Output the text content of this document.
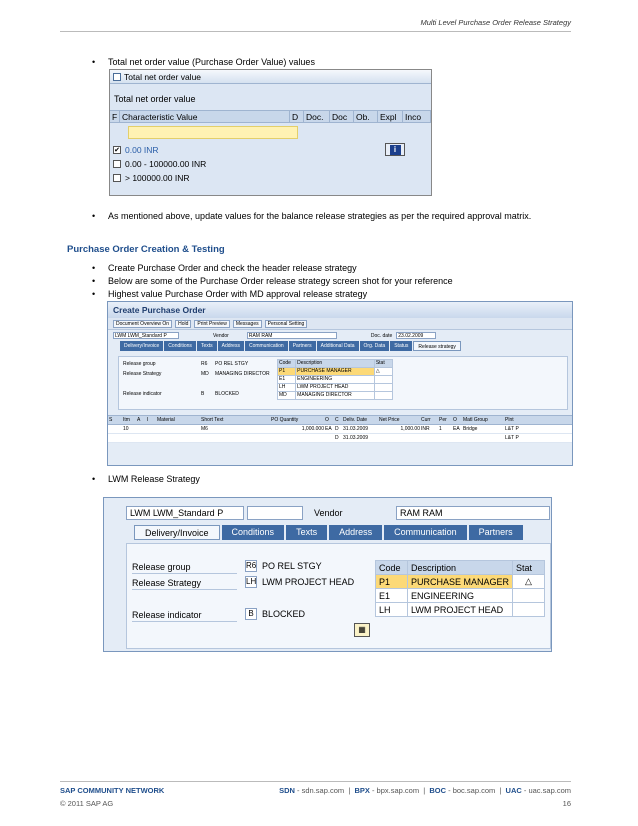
Multi Level Purchase Order Release Strategy
• Total net order value (Purchase Order Value) values
Total net order value
Total net order value
F Characteristic Value	D Doc.	Doc	Ob.	Expl Inco
✔ 0.00 INR
0.00 - 100000.00 INR
> 100000.00 INR
i
• As mentioned above, update values for the balance release strategies as per the required approval matrix.
Purchase Order Creation & Testing
• Create Purchase Order and check the header release strategy
• Below are some of the Purchase Order release strategy screen shot for your reference
• Highest value Purchase Order with MD approval release strategy
Create Purchase Order
Document Overview On	Hold	Print Preview	Messages	Personal Setting
LWM LWM_Standard P	Vendor	RAM RAM	Doc. date	23.02.2009
Delivery/Invoice	Conditions	Texts	Address	Communication	Partners	Additional Data	Org. Data	Status	Release strategy
Release group	R6 PO REL STGY
Release Strategy	MD MANAGING DIRECTOR
Release indicator	B BLOCKED
Code	Description	Stat
P1	PURCHASE MANAGER	△
E1	ENGINEERING	
LH	LWM PROJECT HEAD	
MD	MANAGING DIRECTOR	
S	Itm	A	I	Material	Short Text	PO Quantity	O	C Deliv. Date	Net Price	Curr	Per	O	Matl Group	Plnt
10	M6	1,000.000 EA D 31.03.2009	1,000.00 INR	1	EA Bridge	L&T P
D 31.03.2009	L&T P
• LWM Release Strategy
LWM LWM_Standard P	Vendor	RAM RAM
Delivery/Invoice	Conditions	Texts	Address	Communication	Partners
Release group	R6 PO REL STGY
Release Strategy	LH LWM PROJECT HEAD
Release indicator	B BLOCKED
Code	Description	Stat
P1	PURCHASE MANAGER	△
E1	ENGINEERING	
LH	LWM PROJECT HEAD	
▦
SAP COMMUNITY NETWORK	SDN - sdn.sap.com  |  BPX - bpx.sap.com  |  BOC - boc.sap.com  |  UAC - uac.sap.com
© 2011 SAP AG	16
